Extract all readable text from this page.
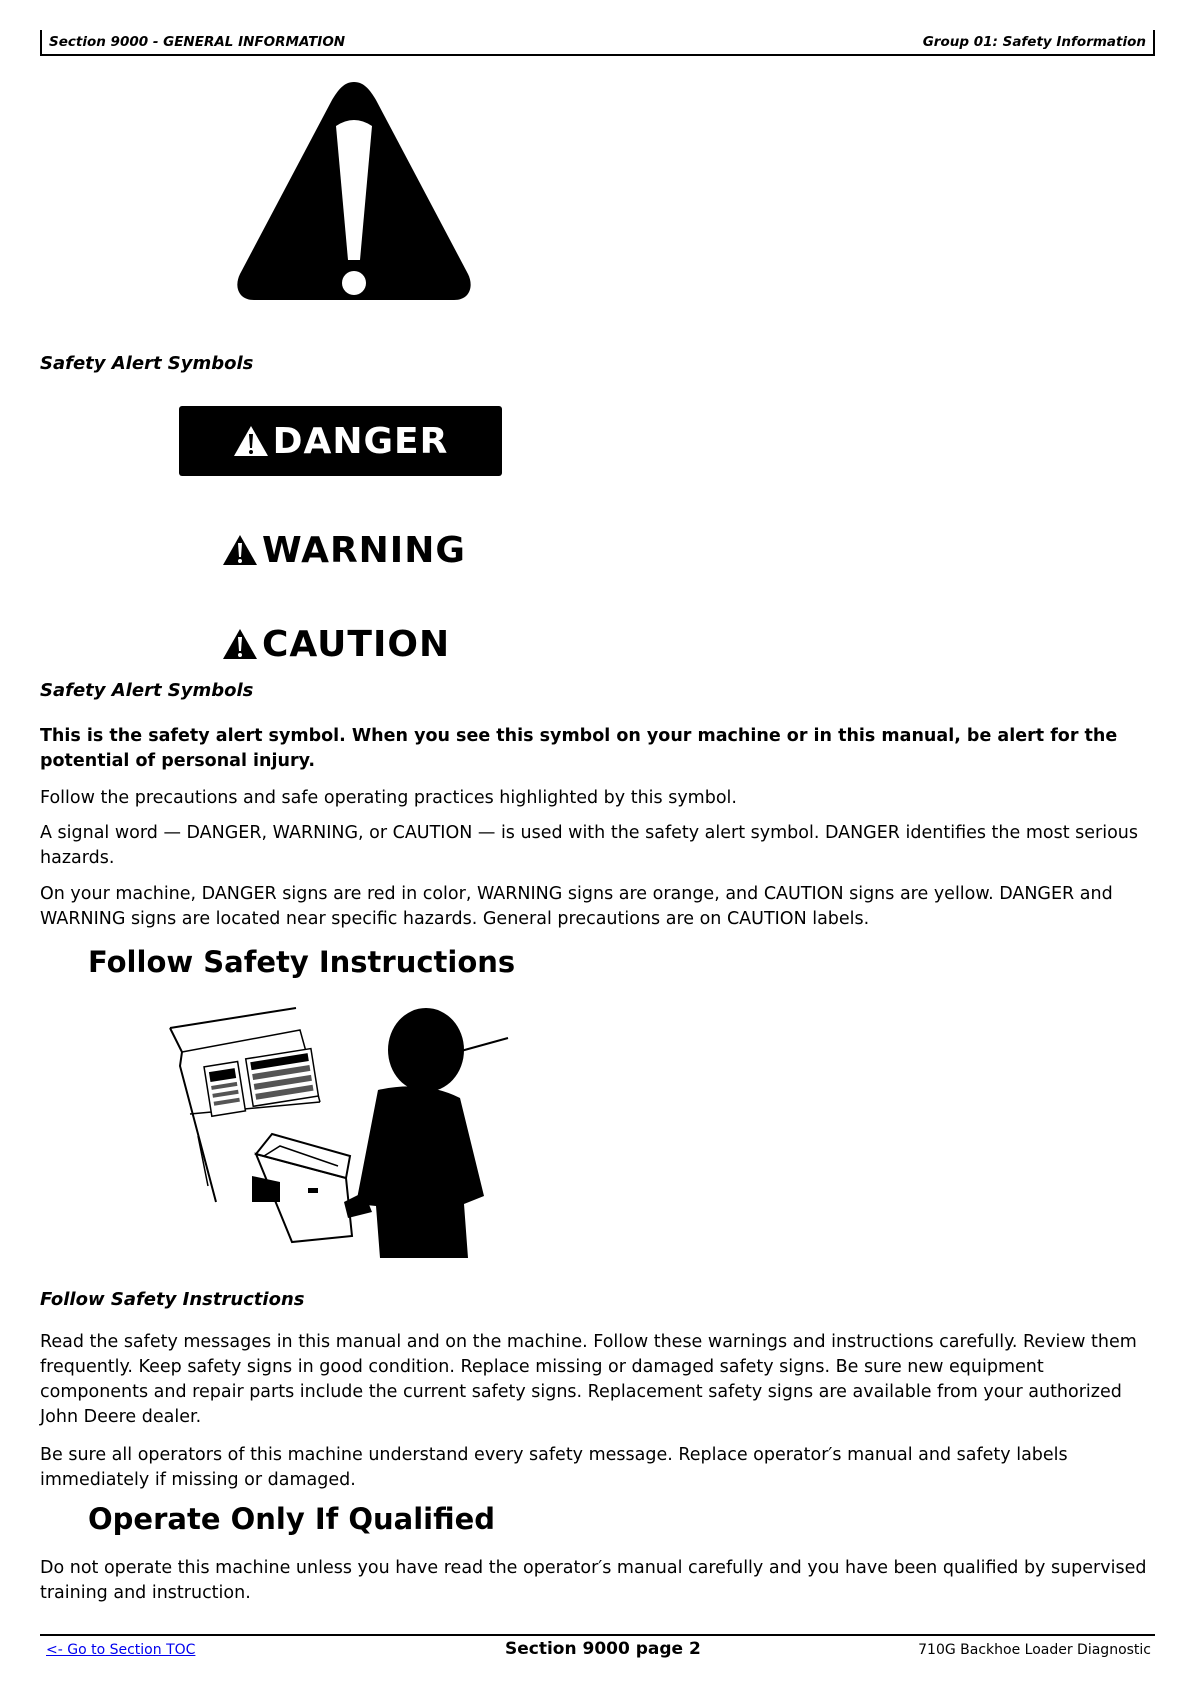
Section 9000 - GENERAL INFORMATION	Group 01: Safety Information
Safety Alert Symbols
DANGER
WARNING
CAUTION
Safety Alert Symbols

This is the safety alert symbol. When you see this symbol on your machine or in this manual, be alert for the potential of personal injury.

Follow the precautions and safe operating practices highlighted by this symbol.

A signal word — DANGER, WARNING, or CAUTION — is used with the safety alert symbol. DANGER identifies the most serious hazards.

On your machine, DANGER signs are red in color, WARNING signs are orange, and CAUTION signs are yellow. DANGER and WARNING signs are located near specific hazards. General precautions are on CAUTION labels.

Follow Safety Instructions
Follow Safety Instructions

Read the safety messages in this manual and on the machine. Follow these warnings and instructions carefully. Review them frequently. Keep safety signs in good condition. Replace missing or damaged safety signs. Be sure new equipment components and repair parts include the current safety signs. Replacement safety signs are available from your authorized John Deere dealer.

Be sure all operators of this machine understand every safety message. Replace operator′s manual and safety labels immediately if missing or damaged.

Operate Only If Qualified

Do not operate this machine unless you have read the operator′s manual carefully and you have been qualified by supervised training and instruction.

<- Go to Section TOC	Section 9000 page 2	710G Backhoe Loader Diagnostic
